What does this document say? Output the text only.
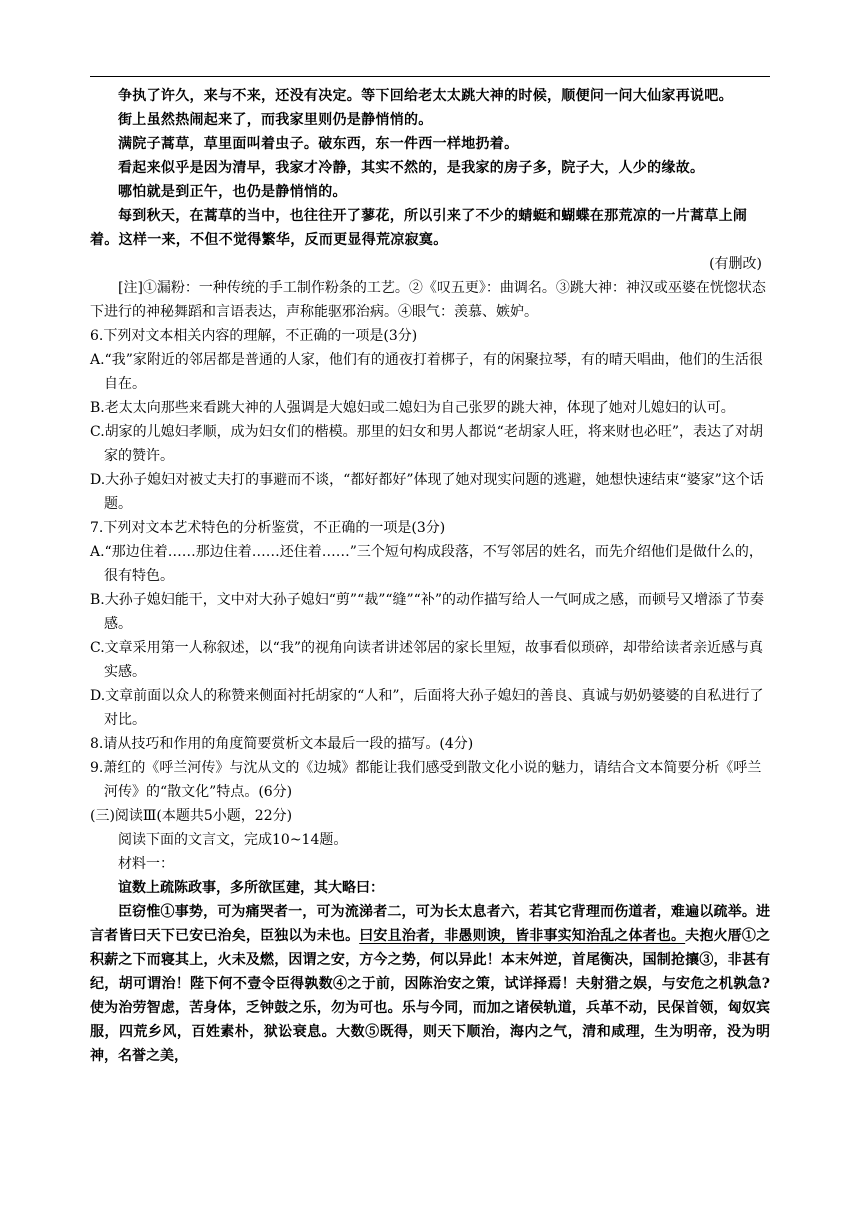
争执了许久，来与不来，还没有决定。等下回给老太太跳大神的时候，顺便问一问大仙家再说吧。

街上虽然热闹起来了，而我家里则仍是静悄悄的。

满院子蒿草，草里面叫着虫子。破东西，东一件西一样地扔着。

看起来似乎是因为清早，我家才冷静，其实不然的，是我家的房子多，院子大，人少的缘故。

哪怕就是到正午，也仍是静悄悄的。

每到秋天，在蒿草的当中，也往往开了蓼花，所以引来了不少的蜻蜓和蝴蝶在那荒凉的一片蒿草上闹着。这样一来，不但不觉得繁华，反而更显得荒凉寂寞。

(有删改)

[注]①漏粉：一种传统的手工制作粉条的工艺。②《叹五更》：曲调名。③跳大神：神汉或巫婆在恍惚状态下进行的神秘舞蹈和言语表达，声称能驱邪治病。④眼气：羡慕、嫉妒。

6.下列对文本相关内容的理解，不正确的一项是(3分)

A.“我”家附近的邻居都是普通的人家，他们有的通夜打着梆子，有的闲聚拉琴，有的晴天唱曲，他们的生活很自在。

B.老太太向那些来看跳大神的人强调是大媳妇或二媳妇为自己张罗的跳大神，体现了她对儿媳妇的认可。

C.胡家的儿媳妇孝顺，成为妇女们的楷模。那里的妇女和男人都说“老胡家人旺，将来财也必旺”，表达了对胡家的赞许。

D.大孙子媳妇对被丈夫打的事避而不谈，“都好都好”体现了她对现实问题的逃避，她想快速结束“婆家”这个话题。

7.下列对文本艺术特色的分析鉴赏，不正确的一项是(3分)

A.“那边住着……那边住着……还住着……”三个短句构成段落，不写邻居的姓名，而先介绍他们是做什么的，很有特色。

B.大孙子媳妇能干，文中对大孙子媳妇“剪”“裁”“缝”“补”的动作描写给人一气呵成之感，而顿号又增添了节奏感。

C.文章采用第一人称叙述，以“我”的视角向读者讲述邻居的家长里短，故事看似琐碎，却带给读者亲近感与真实感。

D.文章前面以众人的称赞来侧面衬托胡家的“人和”，后面将大孙子媳妇的善良、真诚与奶奶婆婆的自私进行了对比。

8.请从技巧和作用的角度简要赏析文本最后一段的描写。(4分)

9.萧红的《呼兰河传》与沈从文的《边城》都能让我们感受到散文化小说的魅力，请结合文本简要分析《呼兰河传》的“散文化”特点。(6分)

(三)阅读Ⅲ(本题共5小题，22分)

阅读下面的文言文，完成10~14题。

材料一：

谊数上疏陈政事，多所欲匡建，其大略曰：

臣窃惟①事势，可为痛哭者一，可为流涕者二，可为长太息者六，若其它背理而伤道者，难遍以疏举。进言者皆曰天下已安已治矣，臣独以为未也。曰安且治者，非愚则谀，皆非事实知治乱之体者也。夫抱火厝①之积薪之下而寝其上，火未及燃，因谓之安，方今之势，何以异此！本末舛逆，首尾衡决，国制抢攘③，非甚有纪，胡可谓治！陛下何不壹令臣得孰数④之于前，因陈治安之策，试详择焉！夫射猎之娱，与安危之机孰急?使为治劳智虑，苦身体，乏钟鼓之乐，勿为可也。乐与今同，而加之诸侯轨道，兵革不动，民保首领，匈奴宾服，四荒乡风，百姓素朴，狱讼衰息。大数⑤既得，则天下顺治，海内之气，清和咸理，生为明帝，没为明神，名誉之美，
